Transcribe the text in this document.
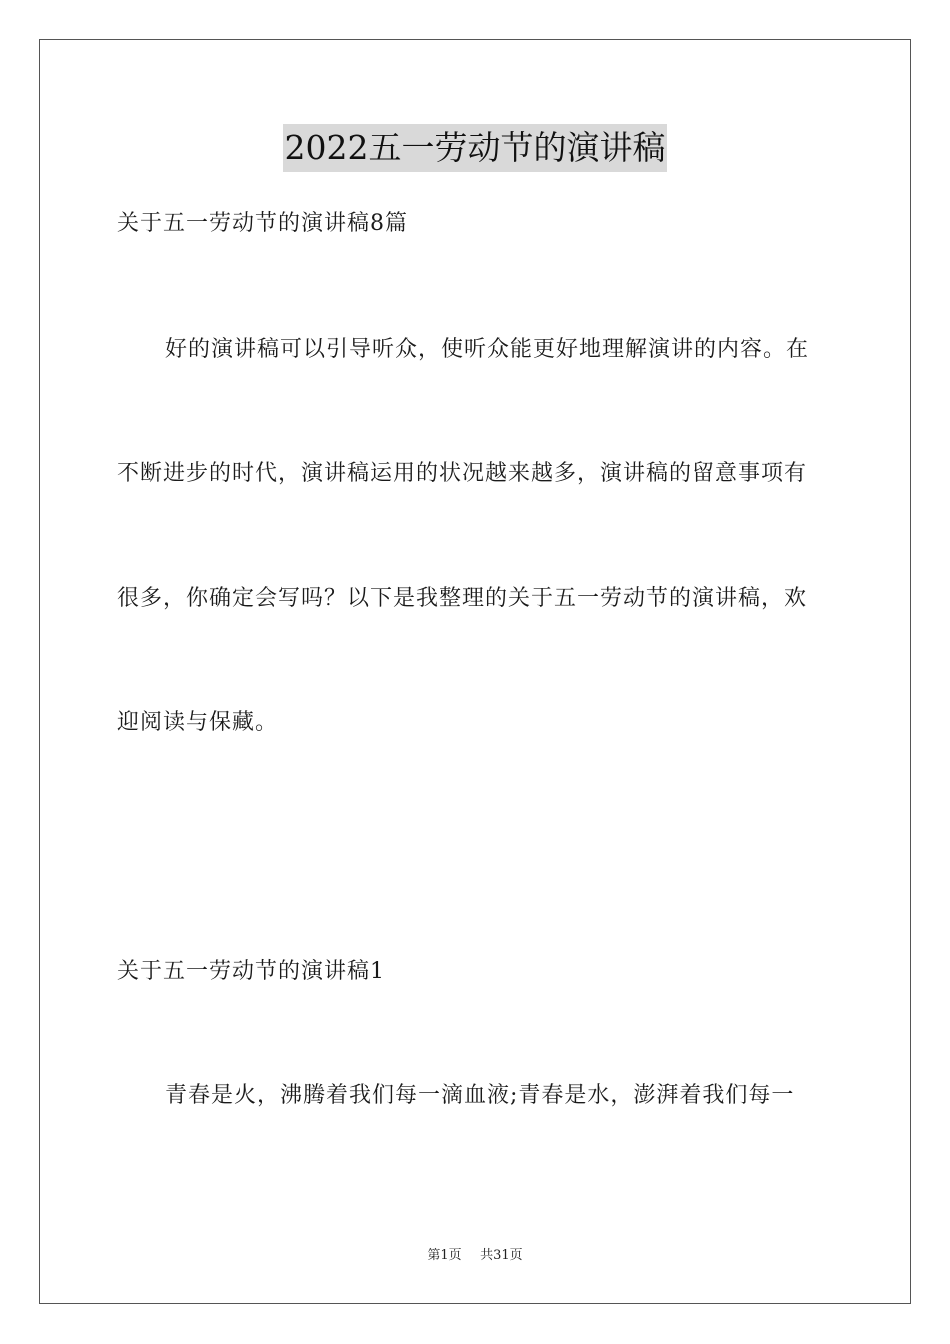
2022五一劳动节的演讲稿
关于五一劳动节的演讲稿8篇
好的演讲稿可以引导听众，使听众能更好地理解演讲的内容。在
不断进步的时代，演讲稿运用的状况越来越多，演讲稿的留意事项有
很多，你确定会写吗？以下是我整理的关于五一劳动节的演讲稿，欢
迎阅读与保藏。
关于五一劳动节的演讲稿1
青春是火，沸腾着我们每一滴血液;青春是水，澎湃着我们每一
第1页 共31页
